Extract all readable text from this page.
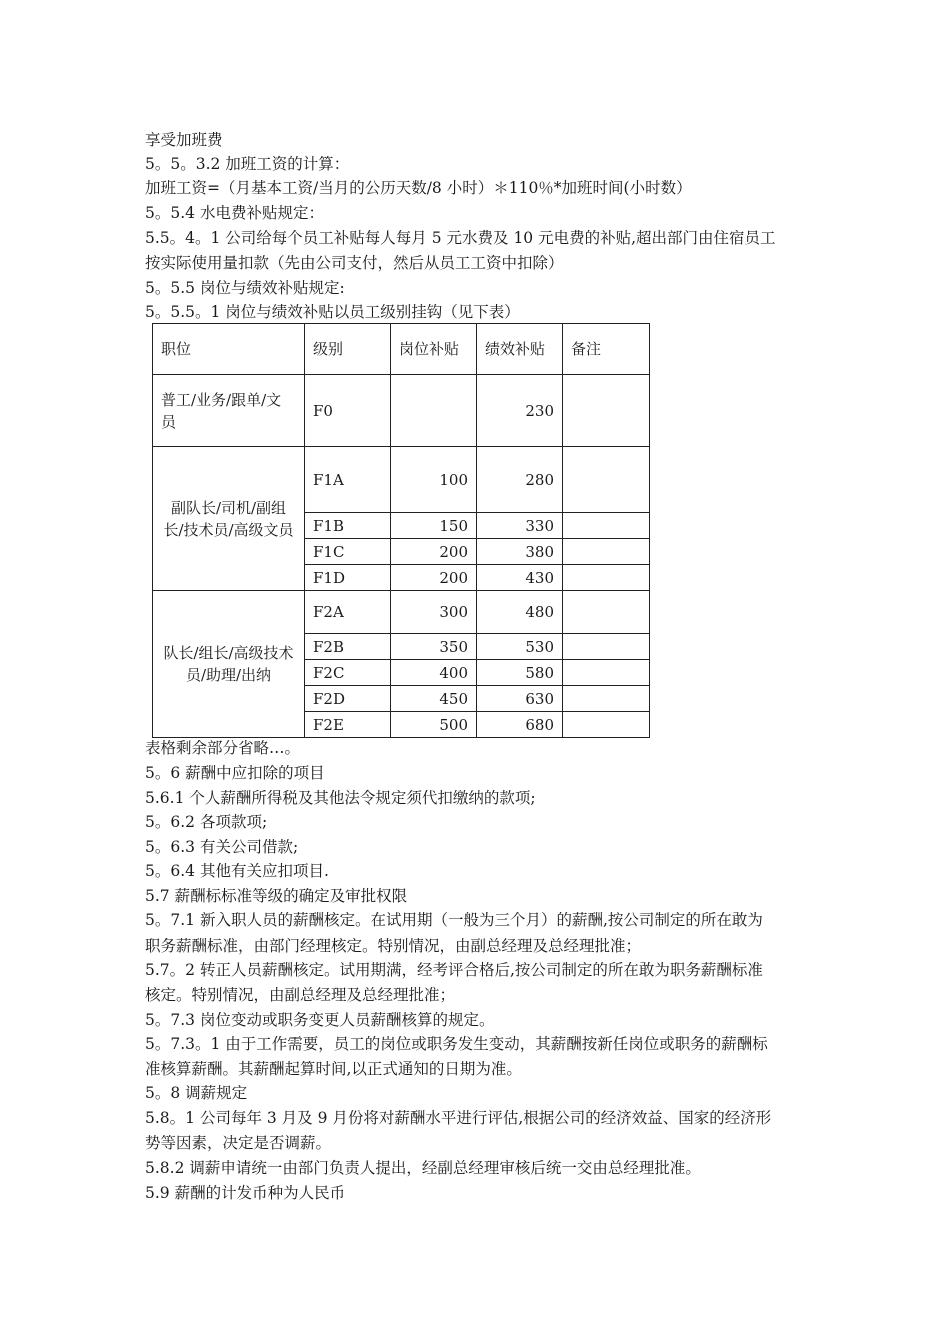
享受加班费
5。5。3.2 加班工资的计算：
加班工资=（月基本工资/当月的公历天数/8 小时）＊110％*加班时间(小时数）
5。5.4 水电费补贴规定：
5.5。4。1 公司给每个员工补贴每人每月 5 元水费及 10 元电费的补贴,超出部门由住宿员工
按实际使用量扣款（先由公司支付，然后从员工工资中扣除）
5。5.5 岗位与绩效补贴规定:
5。5.5。1 岗位与绩效补贴以员工级别挂钩（见下表）
职位	级别	岗位补贴	绩效补贴	备注
普工/业务/跟单/文员	F0		230	
副队长/司机/副组长/技术员/高级文员	F1A	100	280	
	F1B	150	330	
	F1C	200	380	
	F1D	200	430	
队长/组长/高级技术员/助理/出纳	F2A	300	480	
	F2B	350	530	
	F2C	400	580	
	F2D	450	630	
	F2E	500	680	
表格剩余部分省略…。
5。6 薪酬中应扣除的项目
5.6.1 个人薪酬所得税及其他法令规定须代扣缴纳的款项;
5。6.2 各项款项;
5。6.3 有关公司借款;
5。6.4 其他有关应扣项目.
5.7 薪酬标标准等级的确定及审批权限
5。7.1 新入职人员的薪酬核定。在试用期（一般为三个月）的薪酬,按公司制定的所在敢为
职务薪酬标准，由部门经理核定。特别情况，由副总经理及总经理批准；
5.7。2 转正人员薪酬核定。试用期满，经考评合格后,按公司制定的所在敢为职务薪酬标准
核定。特别情况，由副总经理及总经理批准；
5。7.3 岗位变动或职务变更人员薪酬核算的规定。
5。7.3。1 由于工作需要，员工的岗位或职务发生变动，其薪酬按新任岗位或职务的薪酬标
准核算薪酬。其薪酬起算时间,以正式通知的日期为准。
5。8 调薪规定
5.8。1 公司每年 3 月及 9 月份将对薪酬水平进行评估,根据公司的经济效益、国家的经济形
势等因素，决定是否调薪。
5.8.2 调薪申请统一由部门负责人提出，经副总经理审核后统一交由总经理批准。
5.9 薪酬的计发币种为人民币
